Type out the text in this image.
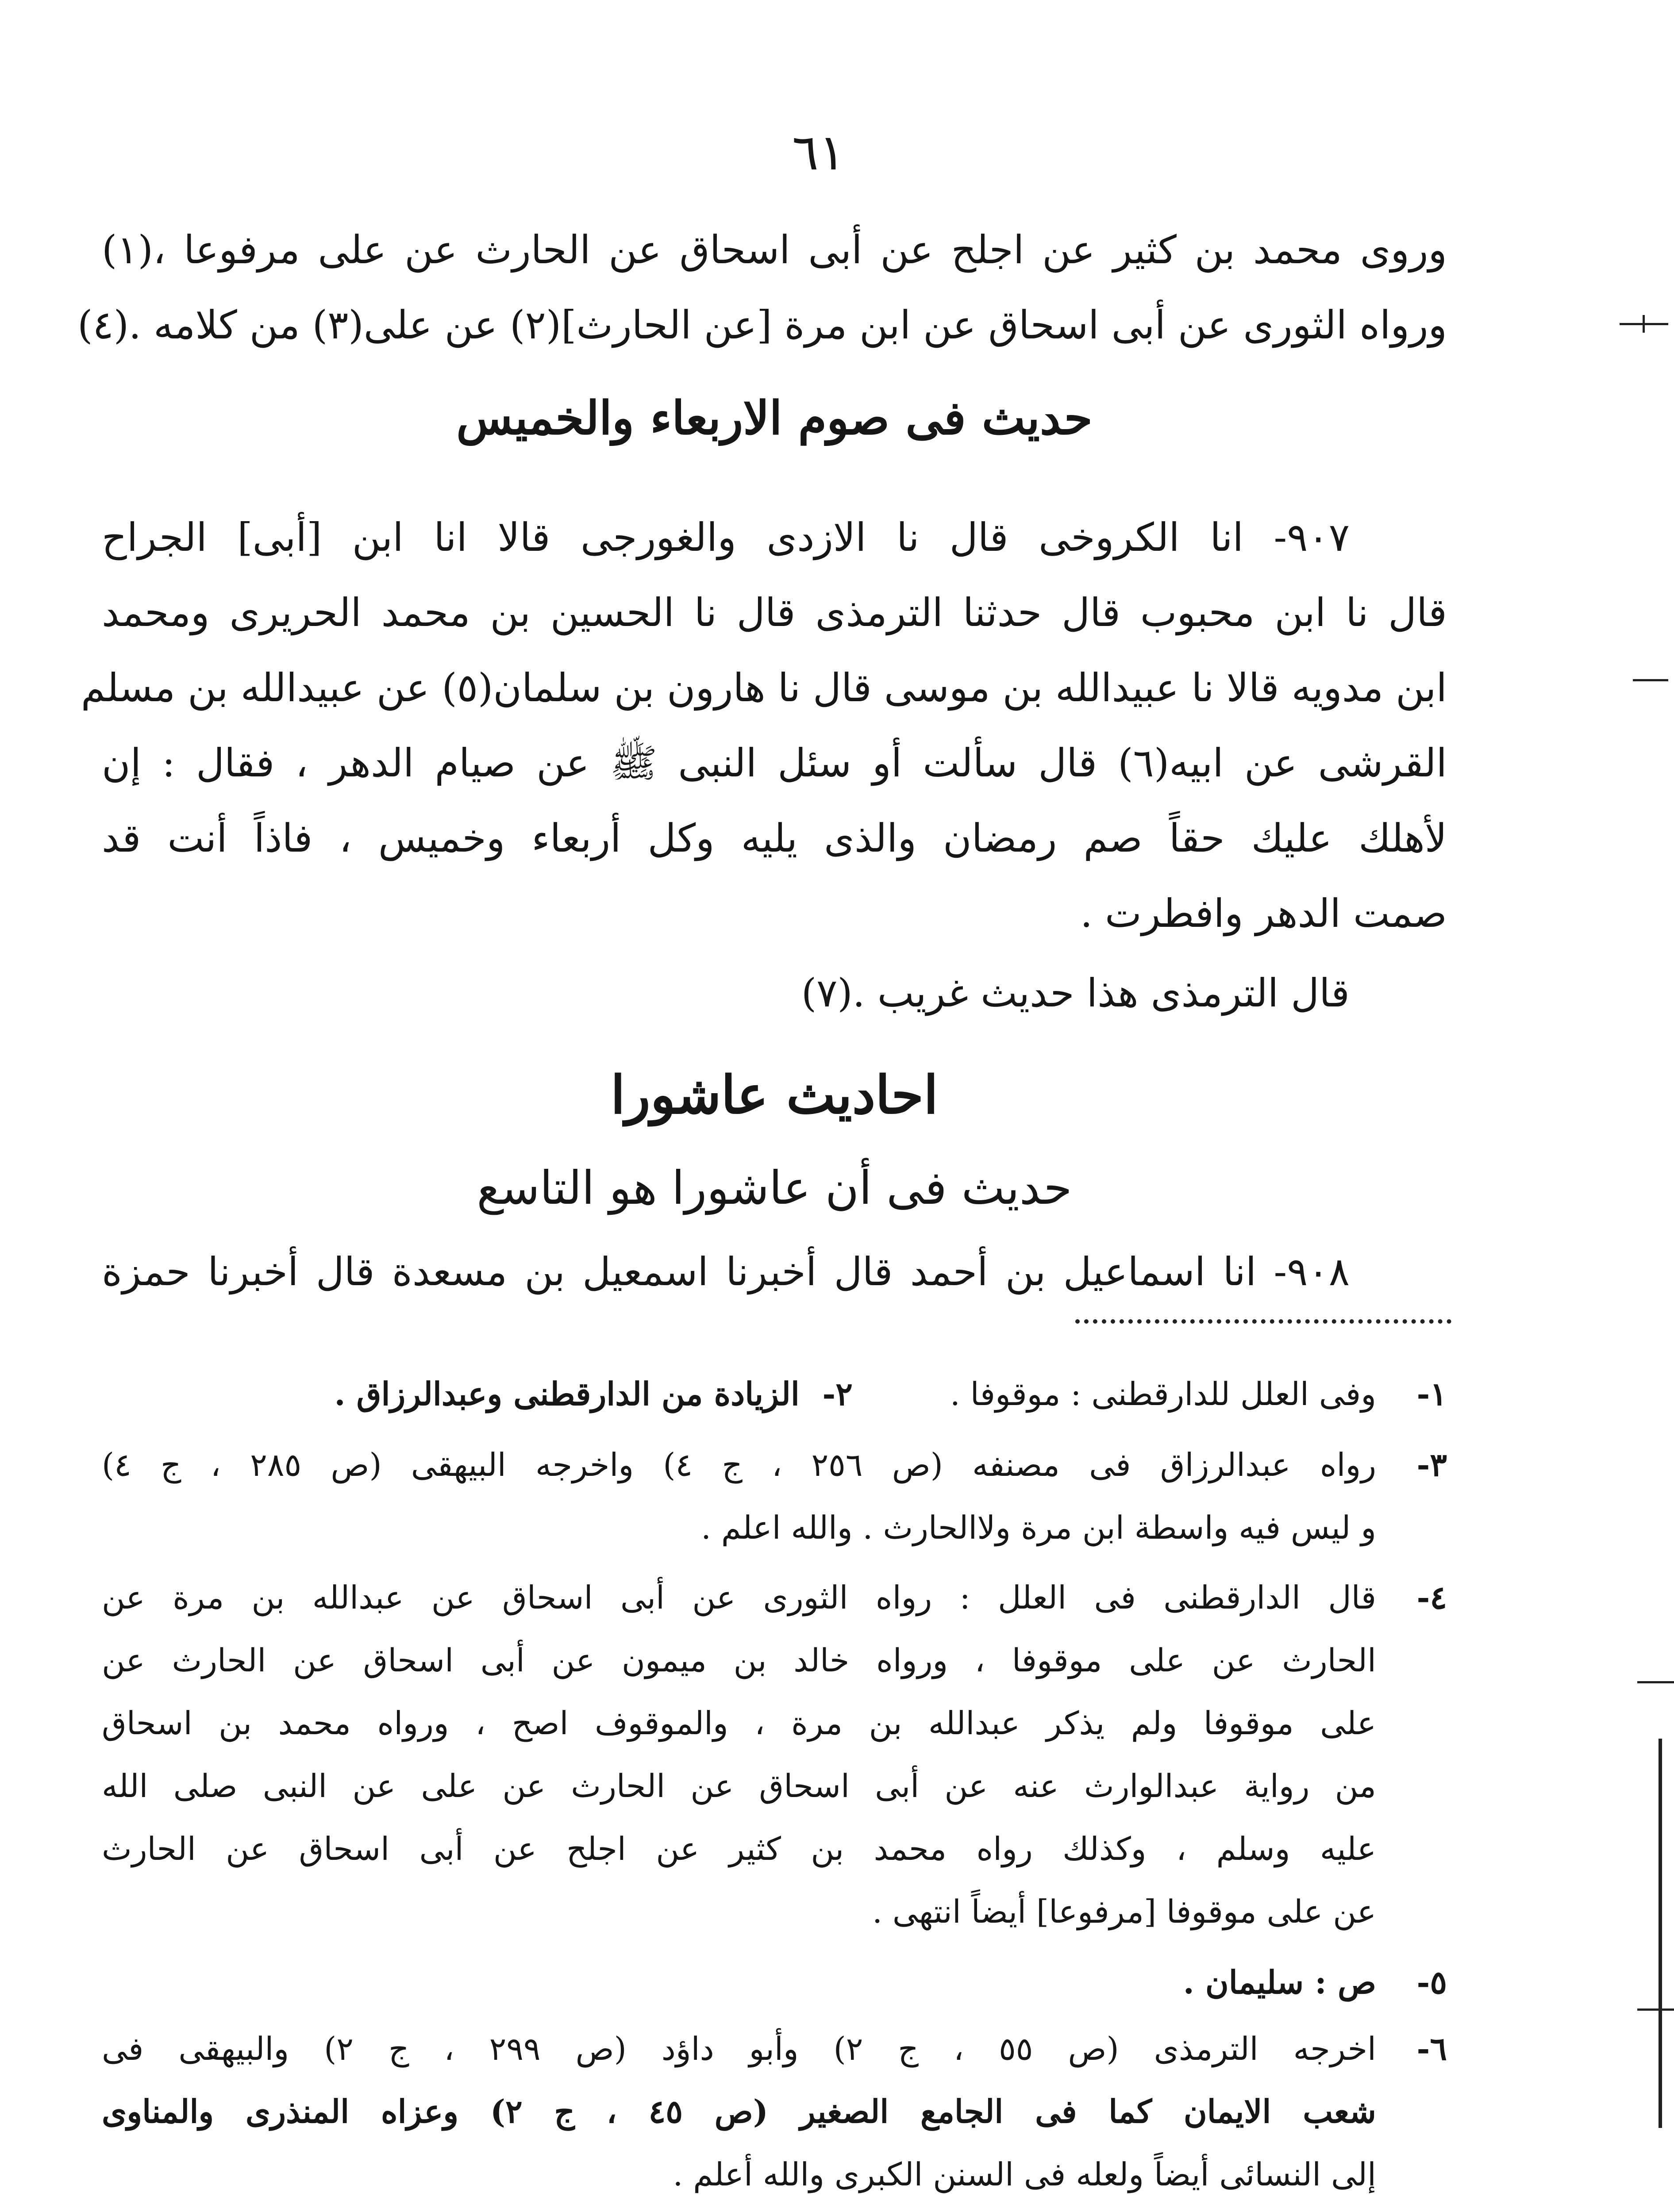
٦١
وروى محمد بن كثير عن اجلح عن أبى اسحاق عن الحارث عن على مرفوعا ،(١)
ورواه الثورى عن أبى اسحاق عن ابن مرة [عن الحارث](٢) عن على(٣) من كلامه .(٤)
حديث فى صوم الاربعاء والخميس
٩٠٧- انا الكروخى قال نا الازدى والغورجى قالا انا ابن [أبى] الجراح
قال نا ابن محبوب قال حدثنا الترمذى قال نا الحسين بن محمد الحريرى ومحمد
ابن مدويه قالا نا عبيدالله بن موسى قال نا هارون بن سلمان(٥) عن عبيدالله بن مسلم
القرشى عن ابيه(٦) قال سألت أو سئل النبى ﷺ عن صيام الدهر ، فقال : إن
لأهلك عليك حقاً صم رمضان والذى يليه وكل أربعاء وخميس ، فاذاً أنت قد
صمت الدهر وافطرت .
قال الترمذى هذا حديث غريب .(٧)
احاديث عاشورا
حديث فى أن عاشورا هو التاسع
٩٠٨- انا اسماعيل بن أحمد قال أخبرنا اسمعيل بن مسعدة قال أخبرنا حمزة
١-وفى العلل للدارقطنى : موقوفا .٢-الزيادة من الدارقطنى وعبدالرزاق .
٣-رواه عبدالرزاق فى مصنفه (ص ٢٥٦ ، ج ٤) واخرجه البيهقى (ص ٢٨٥ ، ج ٤)
و ليس فيه واسطة ابن مرة ولاالحارث . والله اعلم .
٤-قال الدارقطنى فى العلل : رواه الثورى عن أبى اسحاق عن عبدالله بن مرة عن
الحارث عن على موقوفا ، ورواه خالد بن ميمون عن أبى اسحاق عن الحارث عن
على موقوفا ولم يذكر عبدالله بن مرة ، والموقوف اصح ، ورواه محمد بن اسحاق
من رواية عبدالوارث عنه عن أبى اسحاق عن الحارث عن على عن النبى صلى الله
عليه وسلم ، وكذلك رواه محمد بن كثير عن اجلح عن أبى اسحاق عن الحارث
عن على موقوفا [مرفوعا] أيضاً انتهى .
٥-ص : سليمان .
٦-اخرجه الترمذى (ص ٥٥ ، ج ٢) وأبو داؤد (ص ٢٩٩ ، ج ٢) والبيهقى فى
شعب الايمان كما فى الجامع الصغير (ص ٤٥ ، ج ٢) وعزاه المنذرى والمناوى
إلى النسائى أيضاً ولعله فى السنن الكبرى والله أعلم .
